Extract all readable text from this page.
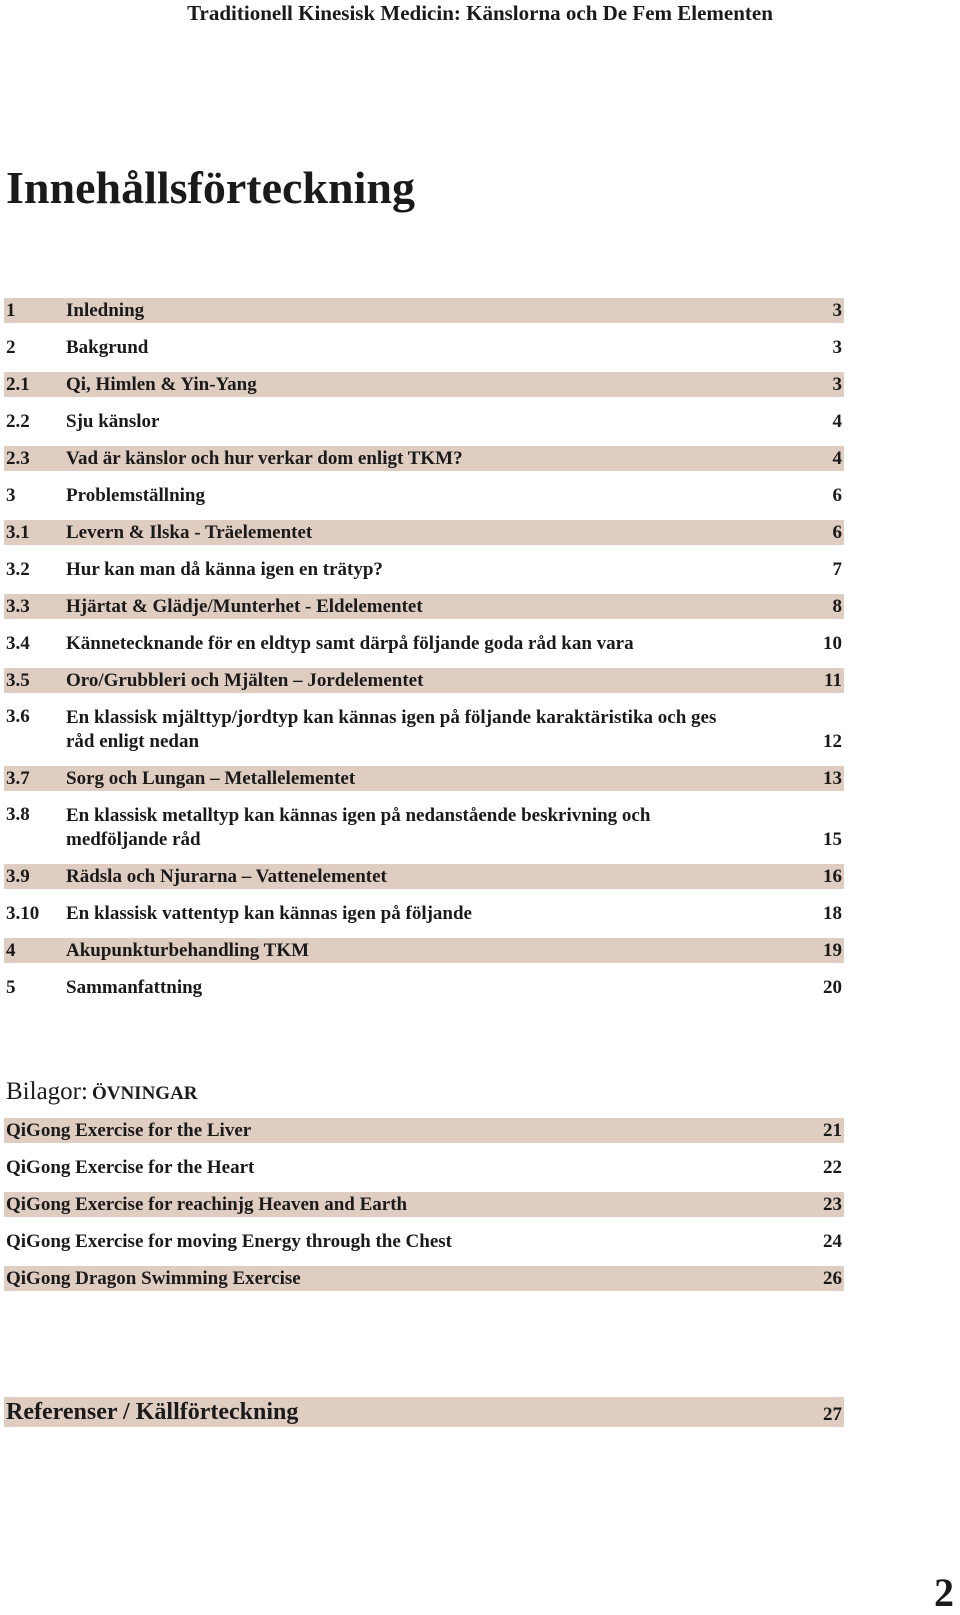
Traditionell Kinesisk Medicin: Känslorna och De Fem Elementen
Innehållsförteckning
1	Inledning	3
2	Bakgrund	3
2.1	Qi, Himlen & Yin-Yang	3
2.2	Sju känslor	4
2.3	Vad är känslor och hur verkar dom enligt TKM?	4
3	Problemställning	6
3.1	Levern & Ilska - Träelementet	6
3.2	Hur kan man då känna igen en trätyp?	7
3.3	Hjärtat & Glädje/Munterhet - Eldelementet	8
3.4	Kännetecknande för en eldtyp samt därpå följande goda råd kan vara	10
3.5	Oro/Grubbleri och Mjälten – Jordelementet	11
3.6	En klassisk mjälttyp/jordtyp kan kännas igen på följande karaktäristika och ges råd enligt nedan	12
3.7	Sorg och Lungan – Metallelementet	13
3.8	En klassisk metalltyp kan kännas igen på nedanstående beskrivning och medföljande råd	15
3.9	Rädsla och Njurarna – Vattenelementet	16
3.10	En klassisk vattentyp kan kännas igen på följande	18
4	Akupunkturbehandling TKM	19
5	Sammanfattning	20
Bilagor: ÖVNINGAR
QiGong Exercise for the Liver	21
QiGong Exercise for the Heart	22
QiGong Exercise for reachinjg Heaven and Earth	23
QiGong Exercise for moving Energy through the Chest	24
QiGong Dragon Swimming Exercise	26
Referenser / Källförteckning	27
2
